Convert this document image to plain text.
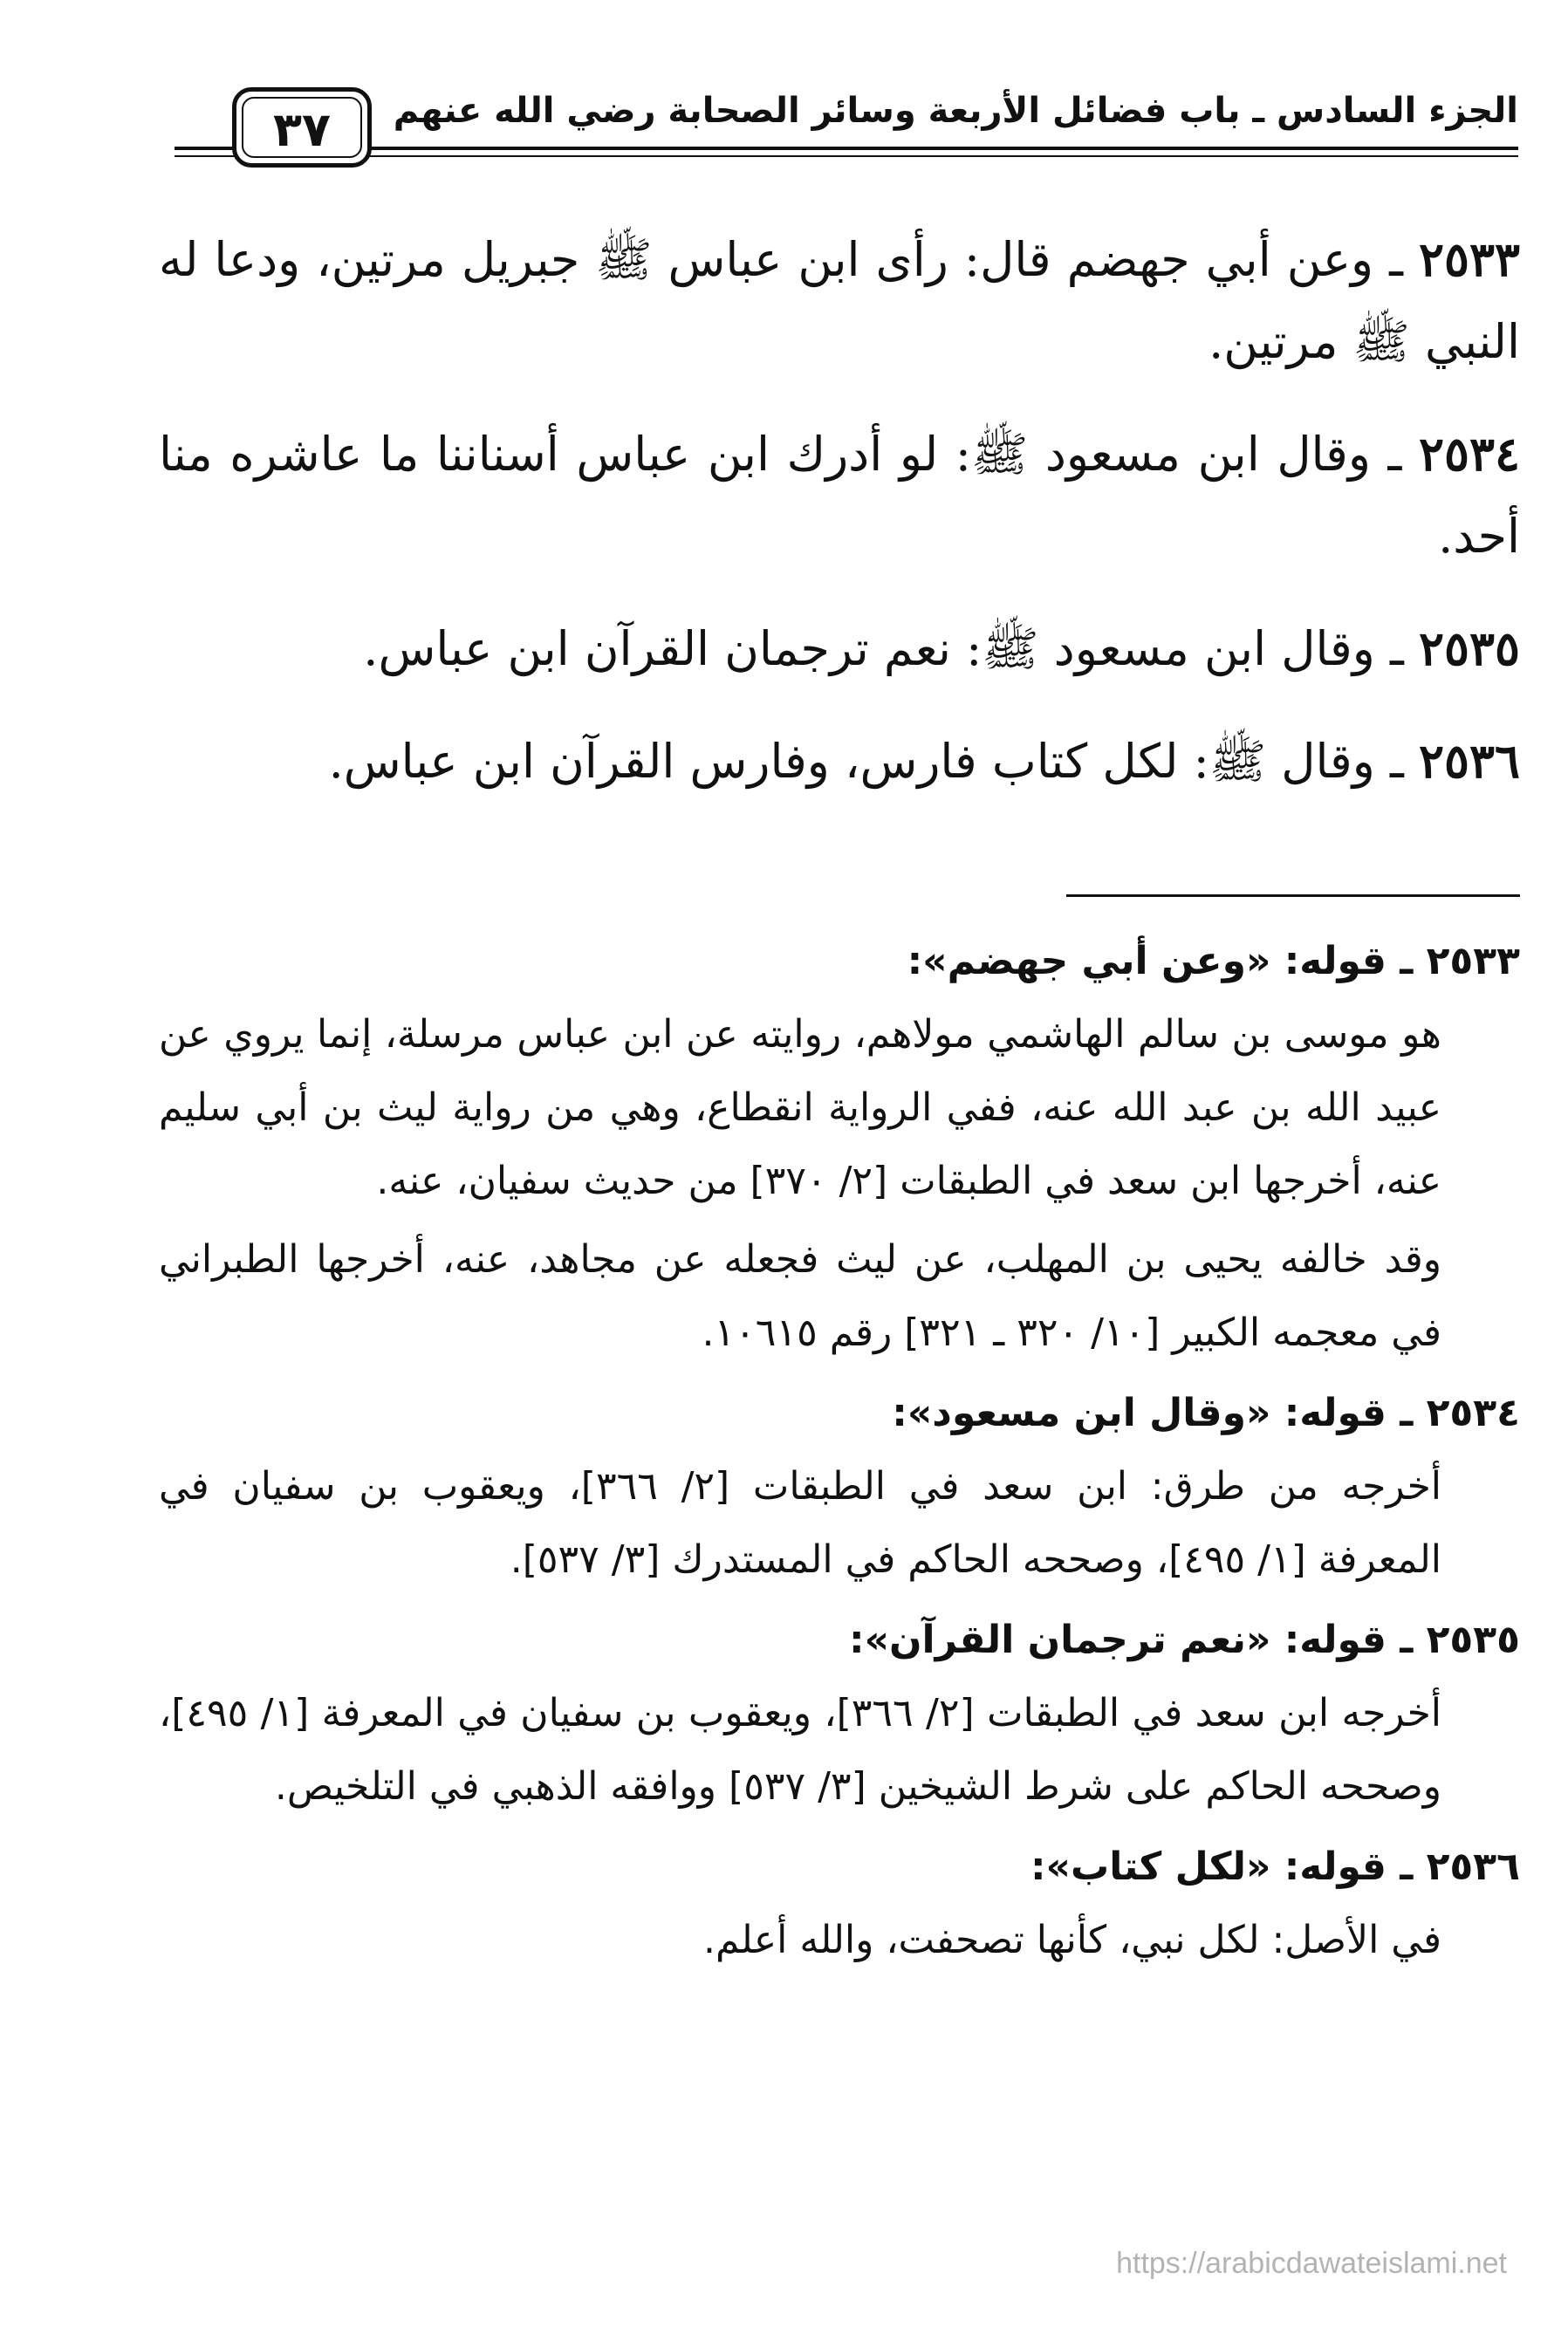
الجزء السادس ـ باب فضائل الأربعة وسائر الصحابة رضي الله عنهم
٣٧

٢٥٣٣ ـ وعن أبي جهضم قال: رأى ابن عباس ﷺ جبريل مرتين، ودعا له النبي ﷺ مرتين.

٢٥٣٤ ـ وقال ابن مسعود ﷺ: لو أدرك ابن عباس أسناننا ما عاشره منا أحد.

٢٥٣٥ ـ وقال ابن مسعود ﷺ: نعم ترجمان القرآن ابن عباس.

٢٥٣٦ ـ وقال ﷺ: لكل كتاب فارس، وفارس القرآن ابن عباس.

٢٥٣٣ ـ قوله: «وعن أبي جهضم»:

هو موسى بن سالم الهاشمي مولاهم، روايته عن ابن عباس مرسلة، إنما يروي عن عبيد الله بن عبد الله عنه، ففي الرواية انقطاع، وهي من رواية ليث بن أبي سليم عنه، أخرجها ابن سعد في الطبقات [٢/ ٣٧٠] من حديث سفيان، عنه.

وقد خالفه يحيى بن المهلب، عن ليث فجعله عن مجاهد، عنه، أخرجها الطبراني في معجمه الكبير [١٠/ ٣٢٠ ـ ٣٢١] رقم ١٠٦١٥.

٢٥٣٤ ـ قوله: «وقال ابن مسعود»:

أخرجه من طرق: ابن سعد في الطبقات [٢/ ٣٦٦]، ويعقوب بن سفيان في المعرفة [١/ ٤٩٥]، وصححه الحاكم في المستدرك [٣/ ٥٣٧].

٢٥٣٥ ـ قوله: «نعم ترجمان القرآن»:

أخرجه ابن سعد في الطبقات [٢/ ٣٦٦]، ويعقوب بن سفيان في المعرفة [١/ ٤٩٥]، وصححه الحاكم على شرط الشيخين [٣/ ٥٣٧] ووافقه الذهبي في التلخيص.

٢٥٣٦ ـ قوله: «لكل كتاب»:

في الأصل: لكل نبي، كأنها تصحفت، والله أعلم.

https://arabicdawateislami.net
